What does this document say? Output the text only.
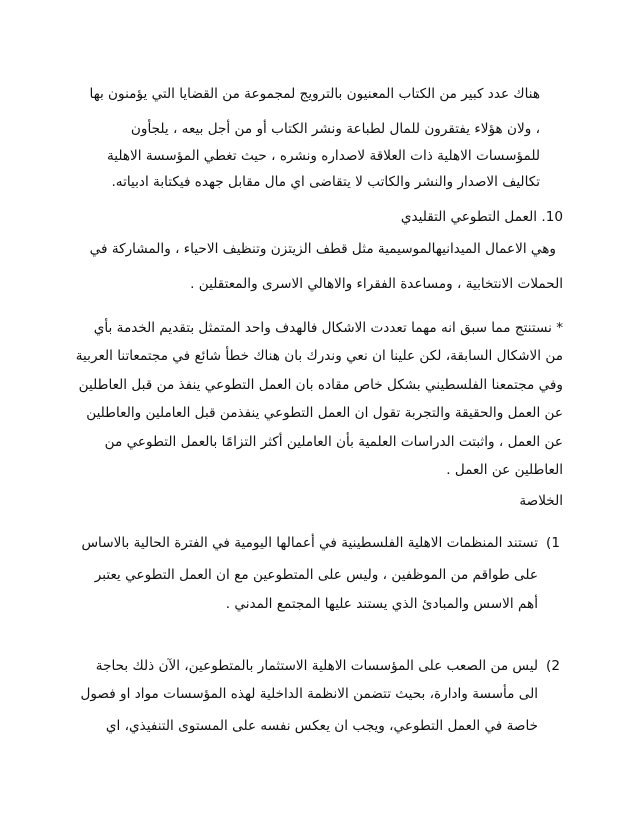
هناك عدد كبير من الكتاب المعنيون بالترويج لمجموعة من القضايا التي يؤمنون بها
، ولان هؤلاء يفتقرون للمال لطباعة ونشر الكتاب أو من أجل بيعه ، يلجأون
للمؤسسات الاهلية ذات العلاقة لاصداره ونشره ، حيث تغطي المؤسسة الاهلية
تكاليف الاصدار والنشر والكاتب لا يتقاضى اي مال مقابل جهده فيكتابة ادبياته.
10. العمل التطوعي التقليدي
وهي الاعمال الميدانيهالموسيمية مثل قطف الزيتزن وتنظيف الاحياء ، والمشاركة في
الحملات الانتخابية ، ومساعدة الفقراء والاهالي الاسرى والمعتقلين .
* نستنتج مما سبق انه مهما تعددت الاشكال فالهدف واحد المتمثل بتقديم الخدمة بأي
من الاشكال السابقة، لكن علينا ان نعي وندرك بان هناك خطأ شائع في مجتمعاتنا العربية
وفي مجتمعنا الفلسطيني بشكل خاص مقاده بان العمل التطوعي ينفذ من قبل العاطلين
عن العمل والحقيقة والتجربة تقول ان العمل التطوعي ينفذمن قبل العاملين والعاطلين
عن العمل ، واثبتت الدراسات العلمية بأن العاملين أكثر التزامًا بالعمل التطوعي من
العاطلين عن العمل .
الخلاصة
1)
تستند المنظمات الاهلية الفلسطينية في أعمالها اليومية في الفترة الحالية بالاساس
على طواقم من الموظفين ، وليس على المتطوعين مع ان العمل التطوعي يعتبر
أهم الاسس والمبادئ الذي يستند عليها المجتمع المدني .
2)
ليس من الصعب على المؤسسات الاهلية الاستثمار بالمتطوعين، الآن ذلك بحاجة
الى مأسسة وادارة، بحيث تتضمن الانظمة الداخلية لهذه المؤسسات مواد او فصول
خاصة في العمل التطوعي، ويجب ان يعكس نفسه على المستوى التنفيذي، اي
